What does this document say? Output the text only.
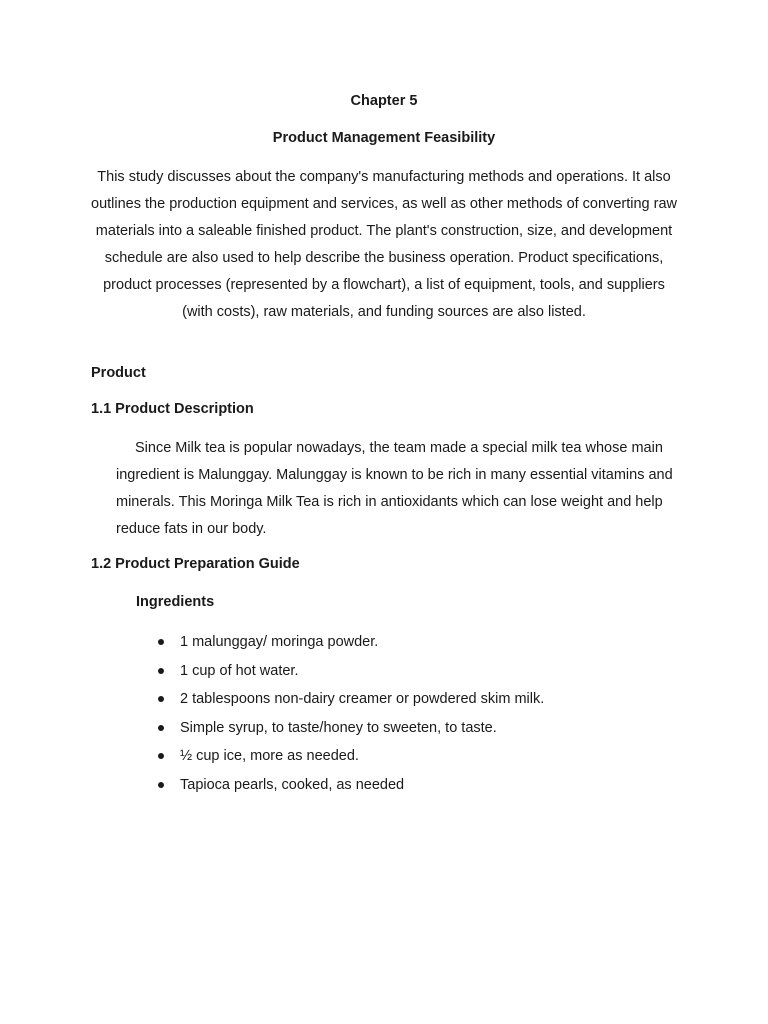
Chapter 5
Product Management Feasibility

This study discusses about the company's manufacturing methods and operations. It also outlines the production equipment and services, as well as other methods of converting raw materials into a saleable finished product. The plant's construction, size, and development schedule are also used to help describe the business operation. Product specifications, product processes (represented by a flowchart), a list of equipment, tools, and suppliers (with costs), raw materials, and funding sources are also listed.

Product
1.1 Product Description

Since Milk tea is popular nowadays, the team made a special milk tea whose main ingredient is Malunggay. Malunggay is known to be rich in many essential vitamins and minerals. This Moringa Milk Tea is rich in antioxidants which can lose weight and help reduce fats in our body.

1.2 Product Preparation Guide
Ingredients
1 malunggay/ moringa powder.
1 cup of hot water.
2 tablespoons non-dairy creamer or powdered skim milk.
Simple syrup, to taste/honey to sweeten, to taste.
½ cup ice, more as needed.
Tapioca pearls, cooked, as needed
